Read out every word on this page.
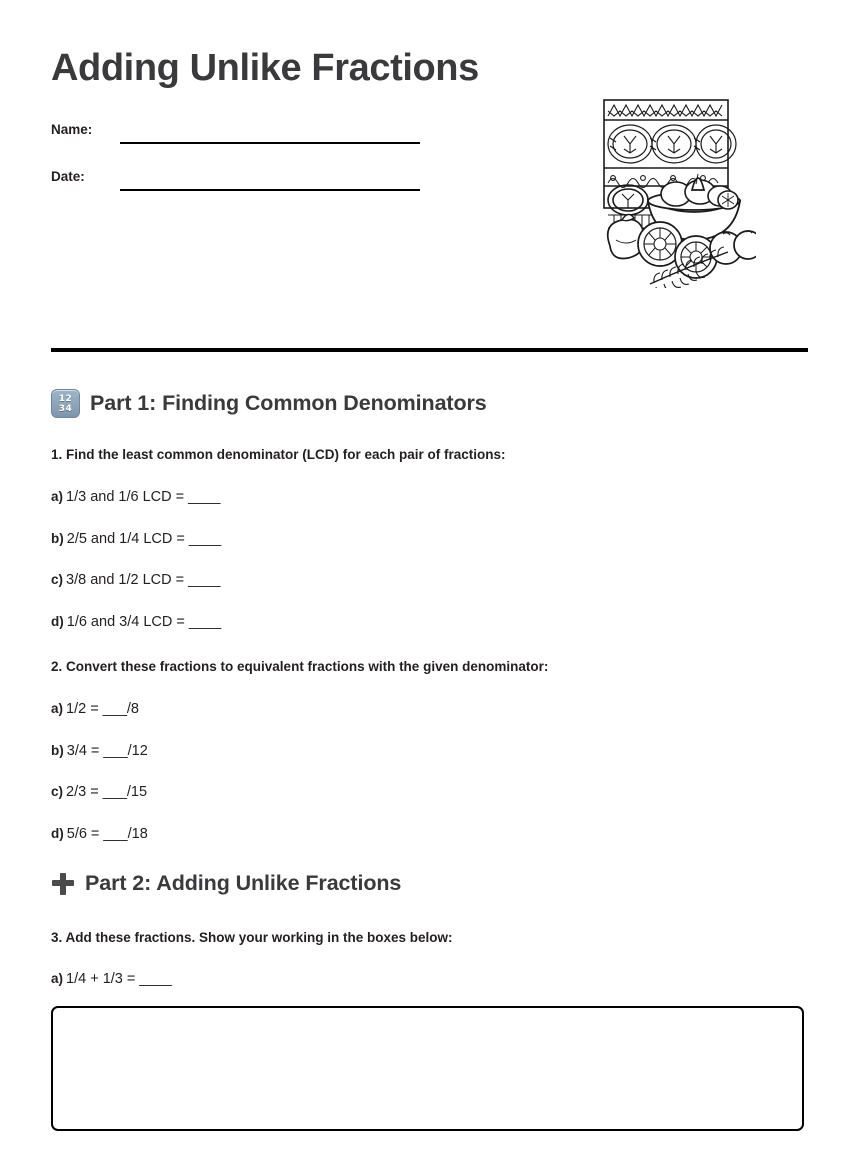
Adding Unlike Fractions
Name:
Date:
12
34 Part 1: Finding Common Denominators
1. Find the least common denominator (LCD) for each pair of fractions:
a) 1/3 and 1/6 LCD = ____
b) 2/5 and 1/4 LCD = ____
c) 3/8 and 1/2 LCD = ____
d) 1/6 and 3/4 LCD = ____
2. Convert these fractions to equivalent fractions with the given denominator:
a) 1/2 = ___/8
b) 3/4 = ___/12
c) 2/3 = ___/15
d) 5/6 = ___/18
Part 2: Adding Unlike Fractions
3. Add these fractions. Show your working in the boxes below:
a) 1/4 + 1/3 = ____
